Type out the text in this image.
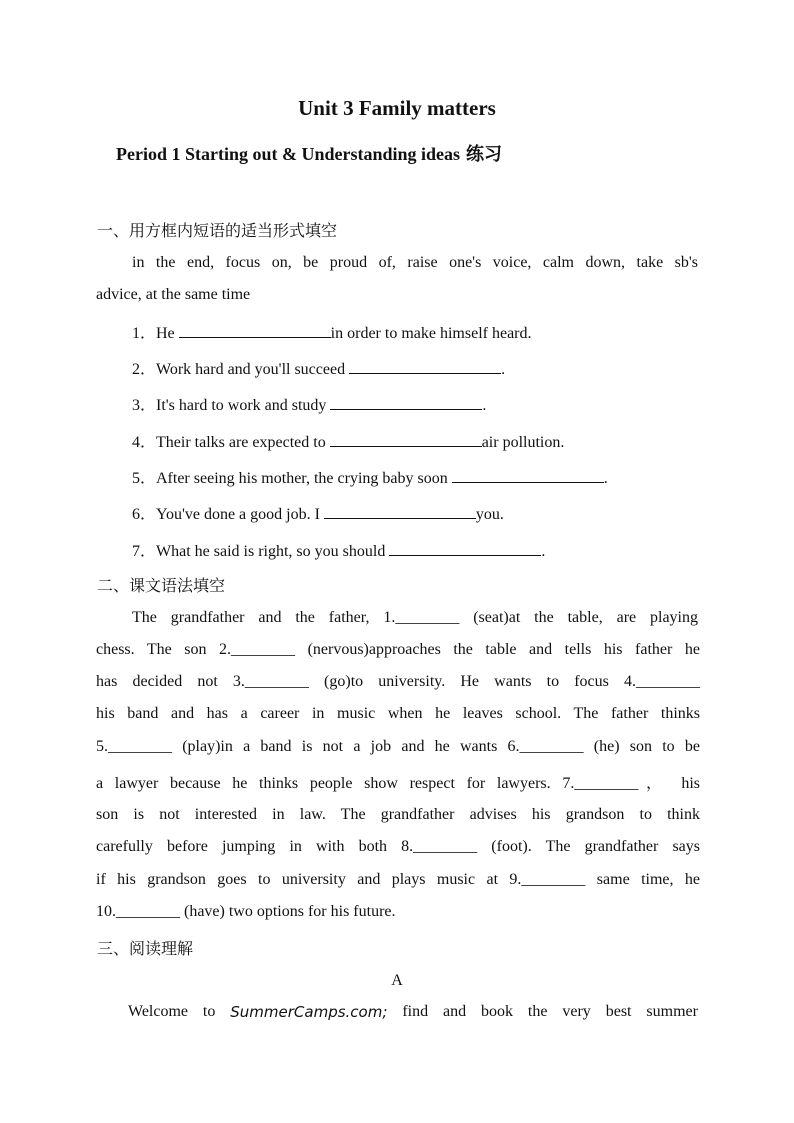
Unit 3 Family matters
Period 1 Starting out & Understanding ideas 练习
一、用方框内短语的适当形式填空
in the end, focus on, be proud of, raise one's voice, calm down, take sb's
advice, at the same time
1．He	in order to make himself heard.
2．Work hard and you'll succeed	.
3．It's hard to work and study	.
4．Their talks are expected to	air pollution.
5．After seeing his mother, the crying baby soon	.
6．You've done a good job. I	you.
7．What he said is right, so you should	.
二、课文语法填空
The grandfather and the father, 1.________ (seat)at the table, are playing
chess. The son 2.________ (nervous)approaches the table and tells his father he
has decided not 3.________ (go)to university. He wants to focus 4.________
his band and has a career in music when he leaves school. The father thinks
5.________ (play)in a band is not a job and he wants 6.________ (he) son to be
a lawyer because he thinks people show respect for lawyers. 7.________， his
son is not interested in law. The grandfather advises his grandson to think
carefully before jumping in with both 8.________ (foot). The grandfather says
if his grandson goes to university and plays music at 9.________ same time, he
10.________ (have) two options for his future.
三、阅读理解
A
Welcome to SummerCamps.com; find and book the very best summer
